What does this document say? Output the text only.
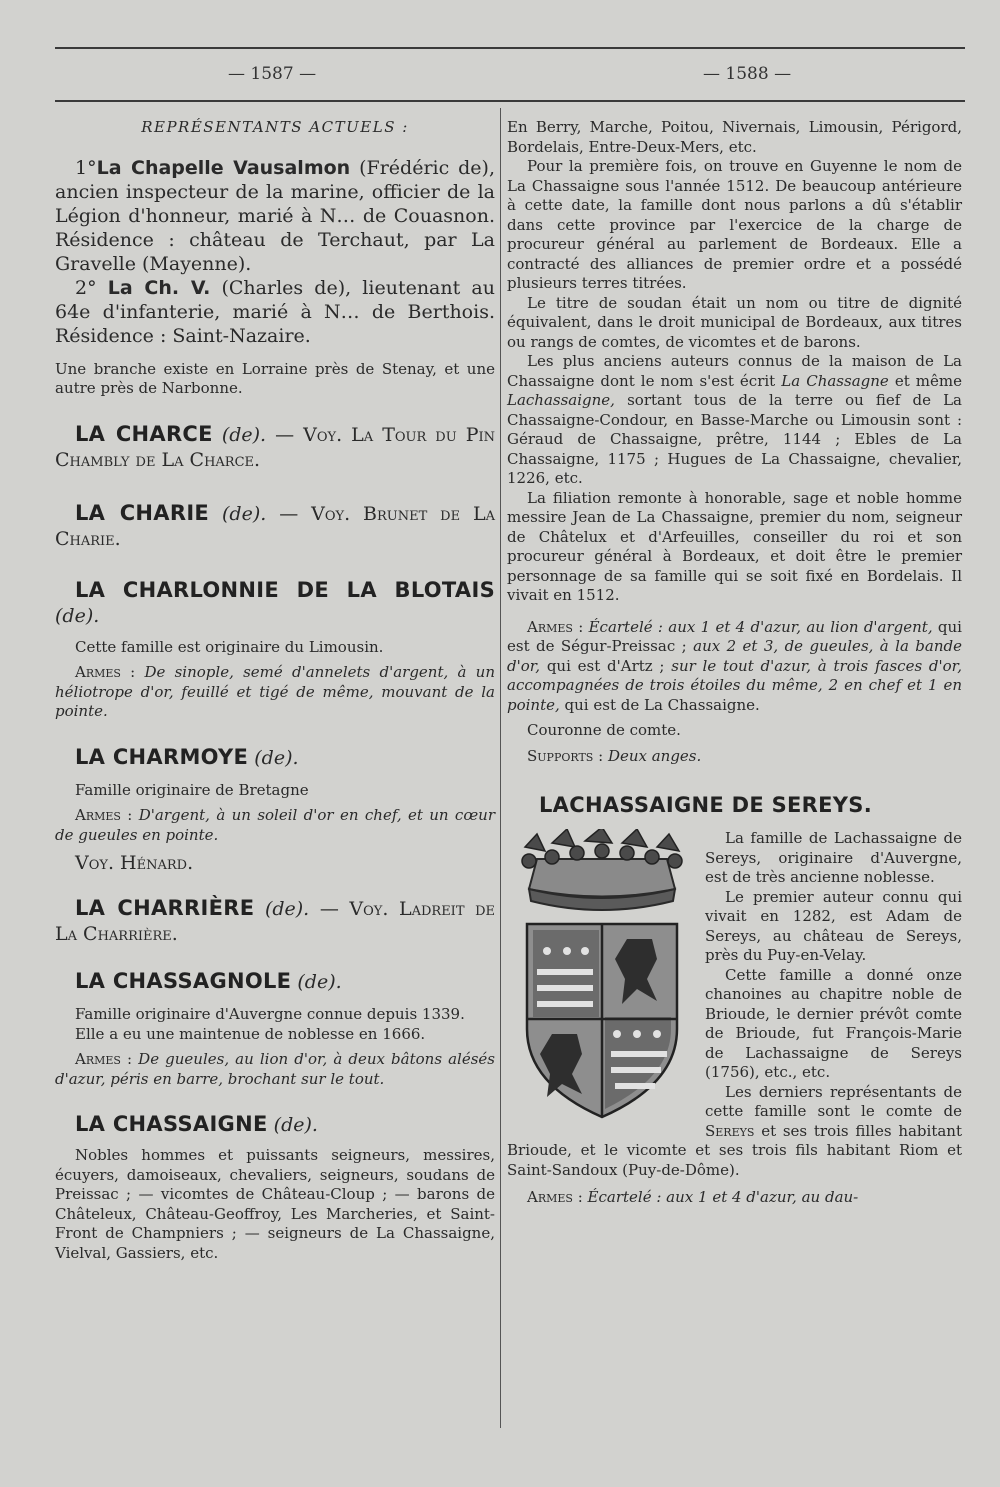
— 1587 —	— 1588 —

REPRÉSENTANTS ACTUELS :

1°La Chapelle Vausalmon (Frédéric de), ancien inspecteur de la marine, officier de la Légion d'honneur, marié à N… de Couasnon. Résidence : château de Terchaut, par La Gravelle (Mayenne).

2° La Ch. V. (Charles de), lieutenant au 64e d'infanterie, marié à N… de Berthois. Résidence : Saint-Nazaire.

Une branche existe en Lorraine près de Stenay, et une autre près de Narbonne.

LA CHARCE (de). — Voy. La Tour du Pin Chambly de La Charce.

LA CHARIE (de). — Voy. Brunet de La Charie.

LA CHARLONNIE DE LA BLOTAIS (de).

Cette famille est originaire du Limousin.

Armes : De sinople, semé d'annelets d'argent, à un héliotrope d'or, feuillé et tigé de même, mouvant de la pointe.

LA CHARMOYE (de).

Famille originaire de Bretagne

Armes : D'argent, à un soleil d'or en chef, et un cœur de gueules en pointe.

Voy. Hénard.

LA CHARRIÈRE (de). — Voy. Ladreit de La Charrière.

LA CHASSAGNOLE (de).

Famille originaire d'Auvergne connue depuis 1339.

Elle a eu une maintenue de noblesse en 1666.

Armes : De gueules, au lion d'or, à deux bâtons alésés d'azur, péris en barre, brochant sur le tout.

LA CHASSAIGNE (de).

Nobles hommes et puissants seigneurs, messires, écuyers, damoiseaux, chevaliers, seigneurs, soudans de Preissac ; — vicomtes de Château-Cloup ; — barons de Châteleux, Château-Geoffroy, Les Marcheries, et Saint-Front de Champniers ; — seigneurs de La Chassaigne, Vielval, Gassiers, etc.

En Berry, Marche, Poitou, Nivernais, Limousin, Périgord, Bordelais, Entre-Deux-Mers, etc.

Pour la première fois, on trouve en Guyenne le nom de La Chassaigne sous l'année 1512. De beaucoup antérieure à cette date, la famille dont nous parlons a dû s'établir dans cette province par l'exercice de la charge de procureur général au parlement de Bordeaux. Elle a contracté des alliances de premier ordre et a possédé plusieurs terres titrées.

Le titre de soudan était un nom ou titre de dignité équivalent, dans le droit municipal de Bordeaux, aux titres ou rangs de comtes, de vicomtes et de barons.

Les plus anciens auteurs connus de la maison de La Chassaigne dont le nom s'est écrit La Chassagne et même Lachassaigne, sortant tous de la terre ou fief de La Chassaigne-Condour, en Basse-Marche ou Limousin sont : Géraud de Chassaigne, prêtre, 1144 ; Ebles de La Chassaigne, 1175 ; Hugues de La Chassaigne, chevalier, 1226, etc.

La filiation remonte à honorable, sage et noble homme messire Jean de La Chassaigne, premier du nom, seigneur de Châtelux et d'Arfeuilles, conseiller du roi et son procureur général à Bordeaux, et doit être le premier personnage de sa famille qui se soit fixé en Bordelais. Il vivait en 1512.

Armes : Écartelé : aux 1 et 4 d'azur, au lion d'argent, qui est de Ségur-Preissac ; aux 2 et 3, de gueules, à la bande d'or, qui est d'Artz ; sur le tout d'azur, à trois fasces d'or, accompagnées de trois étoiles du même, 2 en chef et 1 en pointe, qui est de La Chassaigne.

Couronne de comte.

Supports : Deux anges.

LACHASSAIGNE DE SEREYS.

La famille de Lachassaigne de Sereys, originaire d'Auvergne, est de très ancienne noblesse.

Le premier auteur connu qui vivait en 1282, est Adam de Sereys, au château de Sereys, près du Puy-en-Velay.

Cette famille a donné onze chanoines au chapitre noble de Brioude, le dernier prévôt comte de Brioude, fut François-Marie de Lachassaigne de Sereys (1756), etc., etc.

Les derniers représentants de cette famille sont le comte de Sereys et ses trois filles habitant Brioude, et le vicomte et ses trois fils habitant Riom et Saint-Sandoux (Puy-de-Dôme).

Armes : Écartelé : aux 1 et 4 d'azur, au dau-
